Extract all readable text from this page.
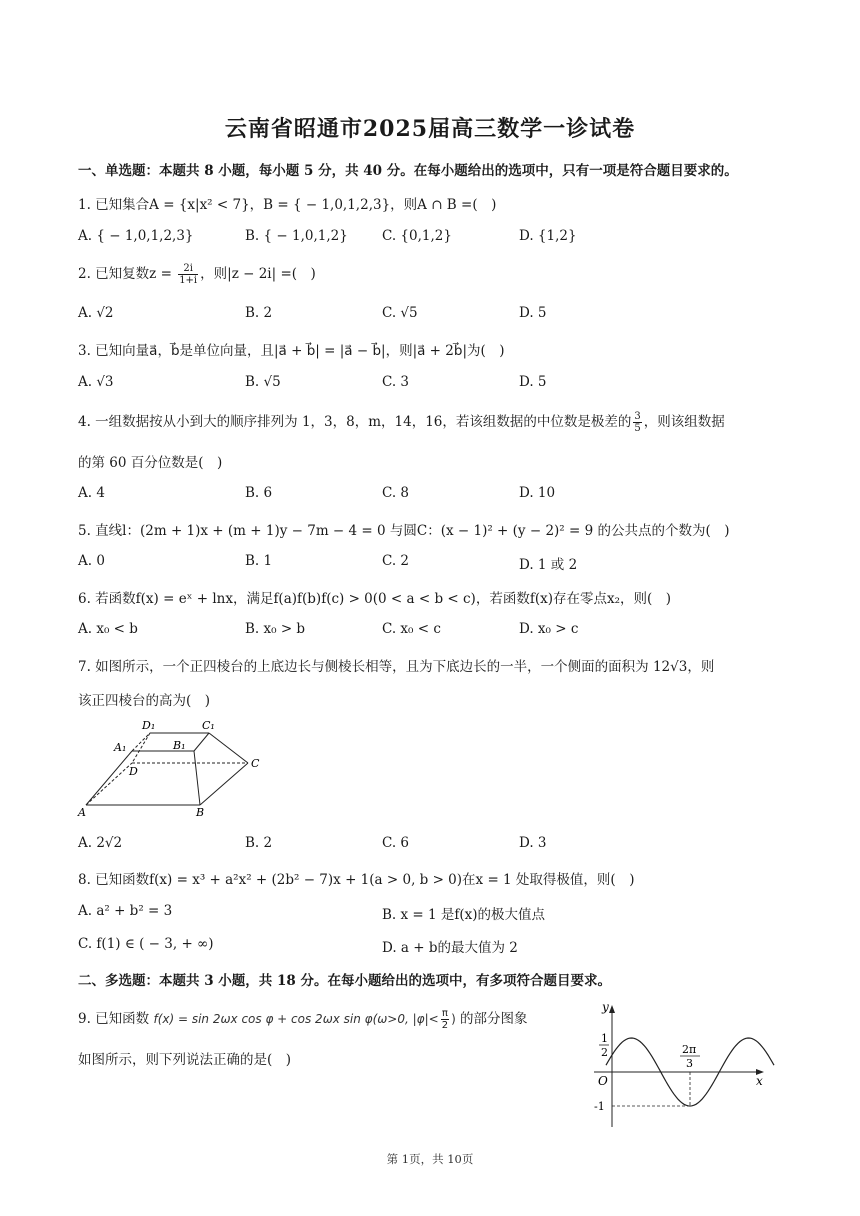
云南省昭通市2025届高三数学一诊试卷
一、单选题：本题共 8 小题，每小题 5 分，共 40 分。在每小题给出的选项中，只有一项是符合题目要求的。
1. 已知集合A = {x|x² < 7}，B = { − 1,0,1,2,3}，则A ∩ B =(　)
A. { − 1,0,1,2,3}	B. { − 1,0,1,2}	C. {0,1,2}	D. {1,2}
2. 已知复数$z = \frac{2i}{1+i}$ ，则|z − 2i| =(　)
A. √2	B. 2	C. √5	D. 5
3. 已知向量a⃗，b⃗是单位向量，且|a⃗ + b⃗| = |a⃗ − b⃗|，则|a⃗ + 2b⃗|为(　)
A. √3	B. √5	C. 3	D. 5
4. 一组数据按从小到大的顺序排列为 1，3，8，m，14，16，若该组数据的中位数是极差的 $\frac{3}{5}$ ，则该组数据
的第 60 百分位数是(　)
A. 4	B. 6	C. 8	D. 10
5. 直线l：(2m + 1)x + (m + 1)y − 7m − 4 = 0 与圆C：(x − 1)² + (y − 2)² = 9 的公共点的个数为(　)
A. 0	B. 1	C. 2	D. 1 或 2
6. 若函数f(x) = eˣ + lnx，满足f(a)f(b)f(c) > 0(0 < a < b < c)，若函数f(x)存在零点x₂，则(　)
A. x₀ < b	B. x₀ > b	C. x₀ < c	D. x₀ > c
7. 如图所示，一个正四棱台的上底边长与侧棱长相等，且为下底边长的一半，一个侧面的面积为 12√3，则
该正四棱台的高为(　)
D₁	C₁
A₁	B₁
D
C
A	B
A. 2√2	B. 2	C. 6	D. 3
8. 已知函数f(x) = x³ + a²x² + (2b² − 7)x + 1(a > 0, b > 0)在x = 1 处取得极值，则(　)
A. a² + b² = 3	B. x = 1 是f(x)的极大值点
C. f(1) ∈ ( − 3, + ∞)	D. a + b的最大值为 2
二、多选题：本题共 3 小题，共 18 分。在每小题给出的选项中，有多项符合题目要求。
9. 已知函数 f(x) = sin 2ωx cos φ + cos 2ωx sin φ(ω>0, $|\varphi|< \frac{\pi}{2}$ ) 的部分图象
如图所示，则下列说法正确的是(　)
y
x
O
1
2	2π
3
-1
第 1页，共 10页
